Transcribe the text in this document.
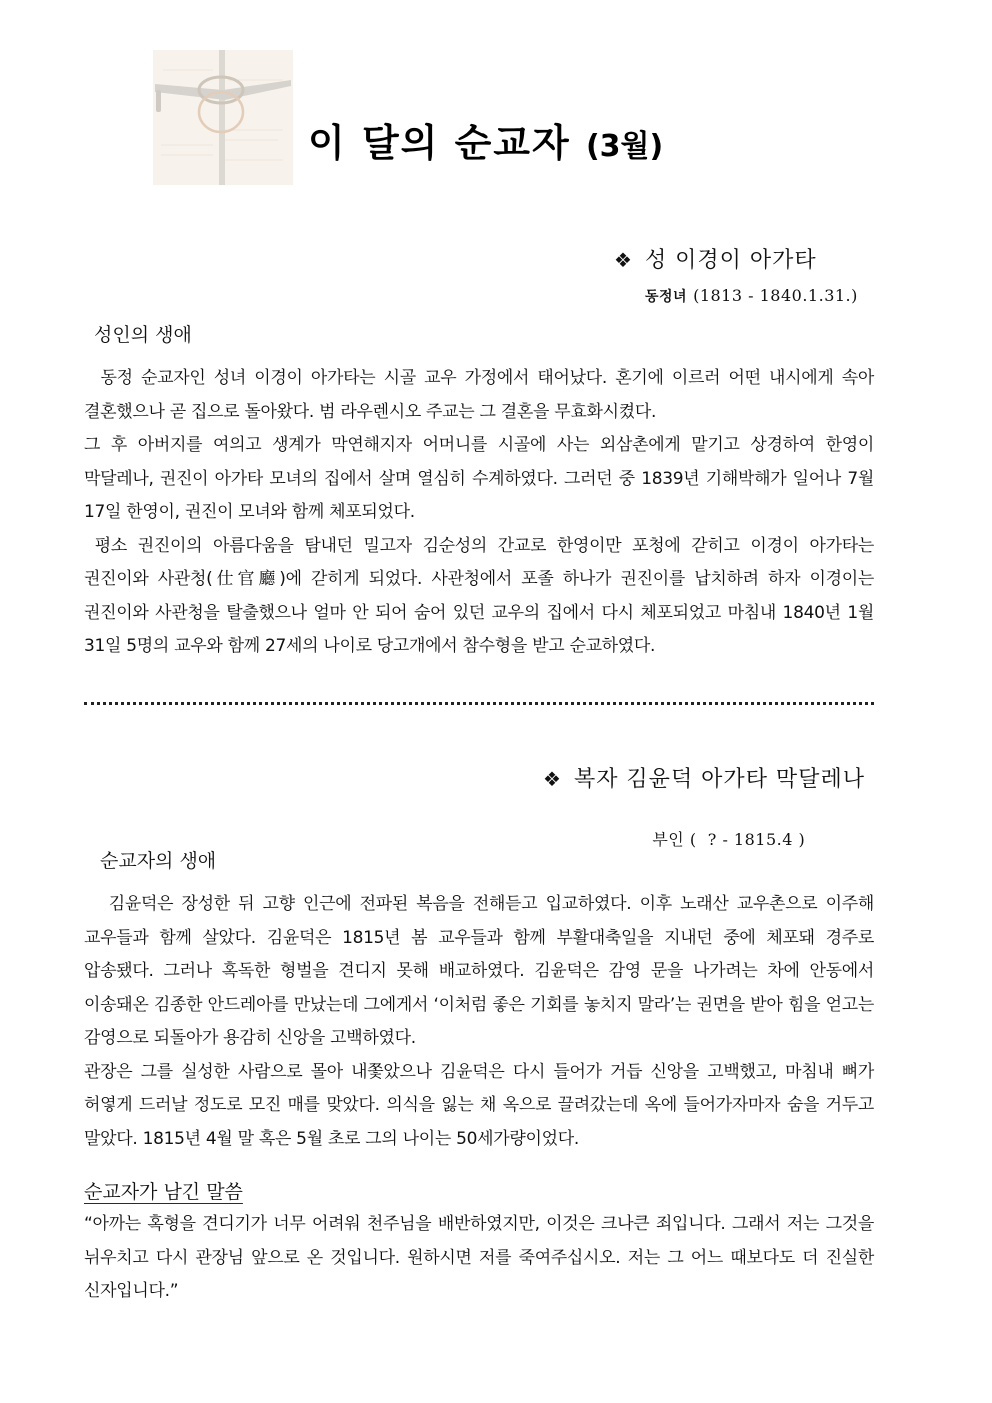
이 달의 순교자 (3월)
❖ 성 이경이 아가타
동정녀 (1813 - 1840.1.31.)
성인의 생애

동정 순교자인 성녀 이경이 아가타는 시골 교우 가정에서 태어났다. 혼기에 이르러 어떤 내시에게 속아 결혼했으나 곧 집으로 돌아왔다. 범 라우렌시오 주교는 그 결혼을 무효화시켰다.

그 후 아버지를 여의고 생계가 막연해지자 어머니를 시골에 사는 외삼촌에게 맡기고 상경하여 한영이 막달레나, 권진이 아가타 모녀의 집에서 살며 열심히 수계하였다. 그러던 중 1839년 기해박해가 일어나 7월 17일 한영이, 권진이 모녀와 함께 체포되었다.

평소 권진이의 아름다움을 탐내던 밀고자 김순성의 간교로 한영이만 포청에 갇히고 이경이 아가타는 권진이와 사관청(仕官廳)에 갇히게 되었다. 사관청에서 포졸 하나가 권진이를 납치하려 하자 이경이는 권진이와 사관청을 탈출했으나 얼마 안 되어 숨어 있던 교우의 집에서 다시 체포되었고 마침내 1840년 1월 31일 5명의 교우와 함께 27세의 나이로 당고개에서 참수형을 받고 순교하였다.

❖ 복자 김윤덕 아가타 막달레나

부인 (  ? - 1815.4 )

순교자의 생애

김윤덕은 장성한 뒤 고향 인근에 전파된 복음을 전해듣고 입교하였다. 이후 노래산 교우촌으로 이주해 교우들과 함께 살았다. 김윤덕은 1815년 봄 교우들과 함께 부활대축일을 지내던 중에 체포돼 경주로 압송됐다. 그러나 혹독한 형벌을 견디지 못해 배교하였다. 김윤덕은 감영 문을 나가려는 차에 안동에서 이송돼온 김종한 안드레아를 만났는데 그에게서 ‘이처럼 좋은 기회를 놓치지 말라’는 권면을 받아 힘을 얻고는 감영으로 되돌아가 용감히 신앙을 고백하였다.

관장은 그를 실성한 사람으로 몰아 내쫓았으나 김윤덕은 다시 들어가 거듭 신앙을 고백했고, 마침내 뼈가 허옇게 드러날 정도로 모진 매를 맞았다. 의식을 잃는 채 옥으로 끌려갔는데 옥에 들어가자마자 숨을 거두고 말았다. 1815년 4월 말 혹은 5월 초로 그의 나이는 50세가량이었다.

순교자가 남긴 말씀

“아까는 혹형을 견디기가 너무 어려워 천주님을 배반하였지만, 이것은 크나큰 죄입니다. 그래서 저는 그것을 뉘우치고 다시 관장님 앞으로 온 것입니다. 원하시면 저를 죽여주십시오. 저는 그 어느 때보다도 더 진실한 신자입니다.”
